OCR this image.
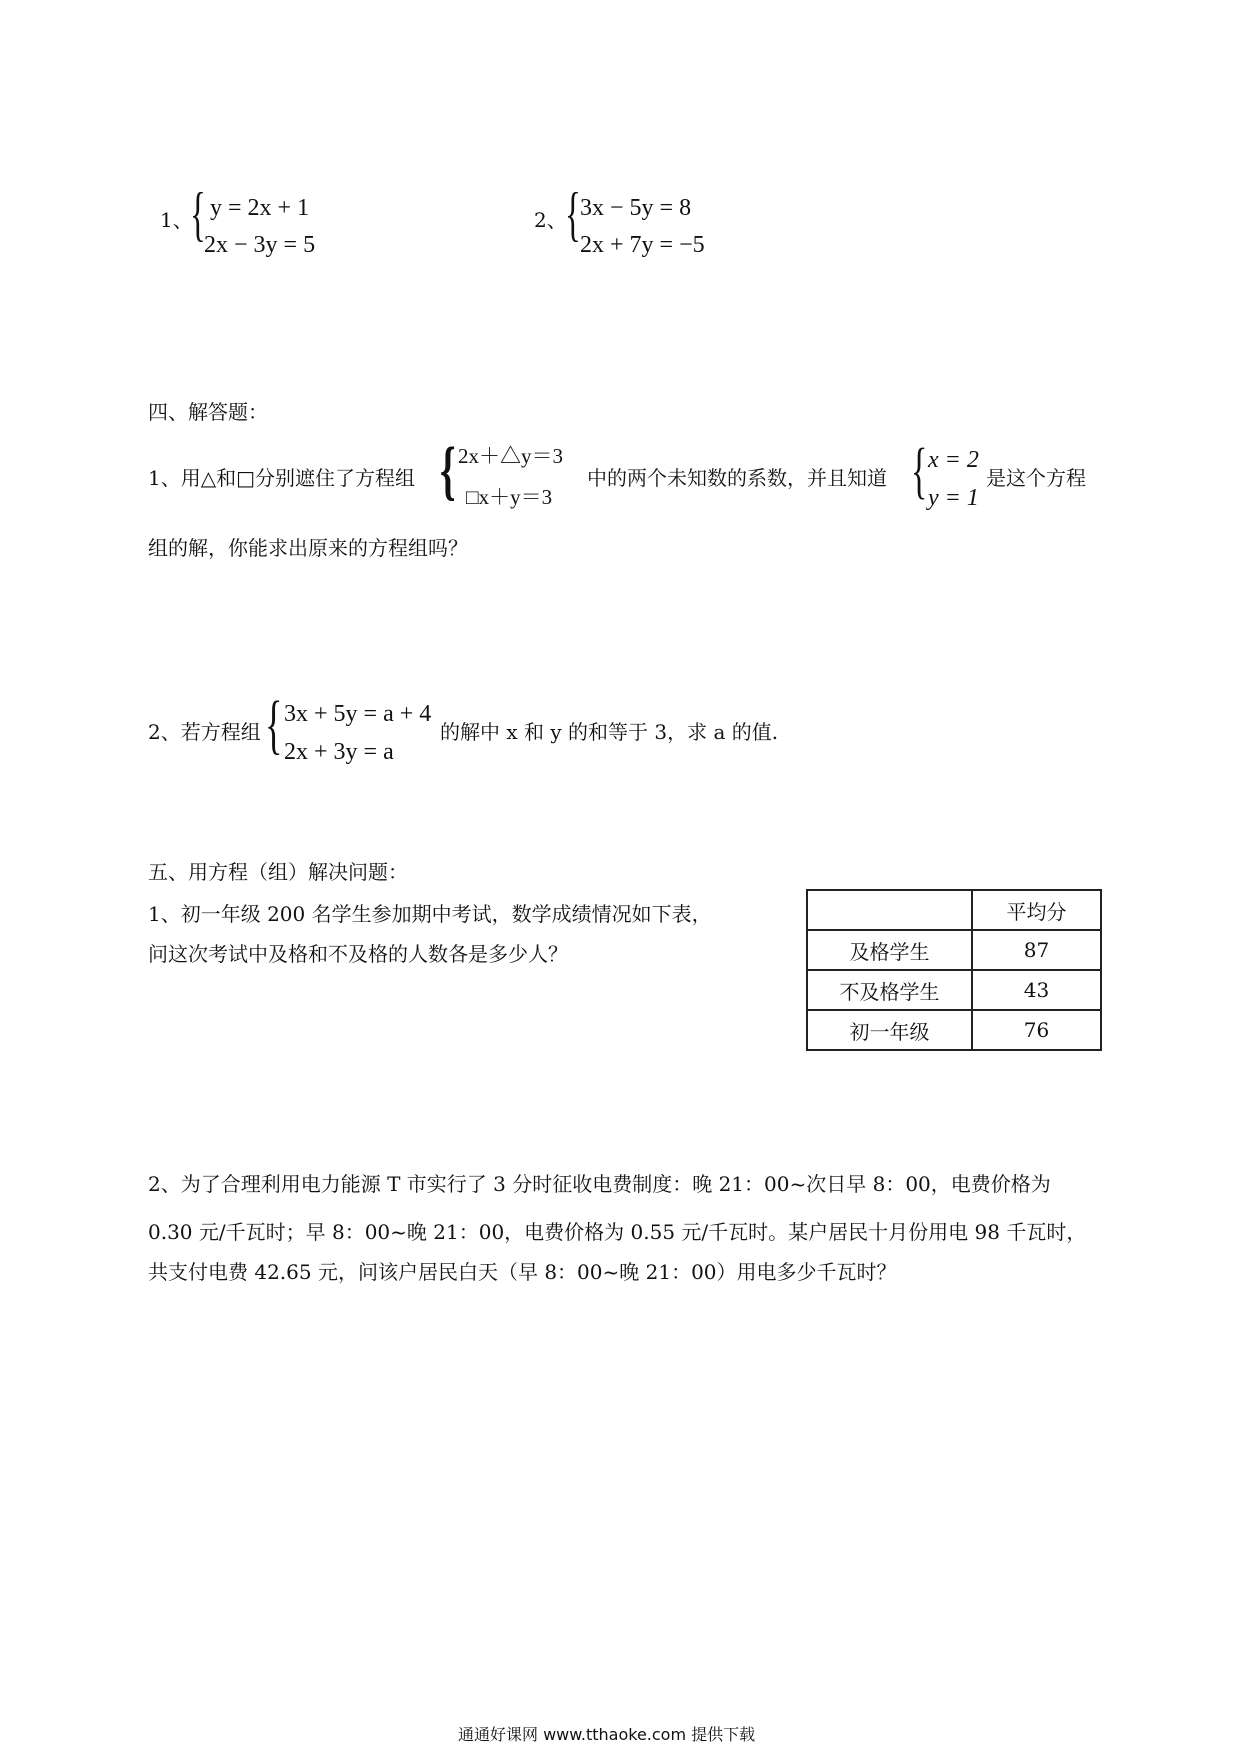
1、
{ y = 2x + 1
2x − 3y = 5
2、
{ 3x − 5y = 8
2x + 7y = −5
四、解答题：
1、用△和□分别遮住了方程组 { 2x＋△y＝3
□x＋y＝3
中的两个未知数的系数，并且知道 { x = 2
y = 1
是这个方程
组的解，你能求出原来的方程组吗？
2、若方程组 { 3x + 5y = a + 4
2x + 3y = a
的解中 x 和 y 的和等于 3，求 a 的值.
五、用方程（组）解决问题：
1、初一年级 200 名学生参加期中考试，数学成绩情况如下表，
问这次考试中及格和不及格的人数各是多少人？
	平均分
及格学生	87
不及格学生	43
初一年级	76
2、为了合理利用电力能源 T 市实行了 3 分时征收电费制度：晚 21：00~次日早 8：00，电费价格为
0.30 元/千瓦时；早 8：00~晚 21：00，电费价格为 0.55 元/千瓦时。某户居民十月份用电 98 千瓦时，
共支付电费 42.65 元，问该户居民白天（早 8：00~晚 21：00）用电多少千瓦时？
通通好课网 www.tthaoke.com 提供下载
